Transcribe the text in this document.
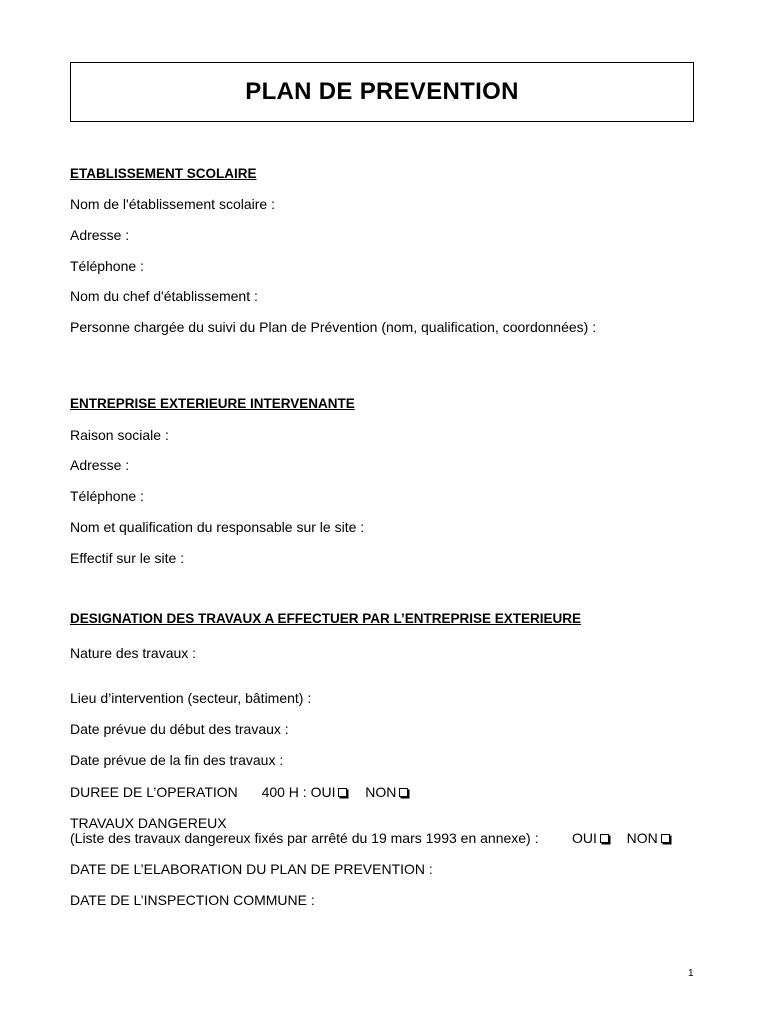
PLAN DE PREVENTION
ETABLISSEMENT SCOLAIRE
Nom de l'établissement scolaire :
Adresse :
Téléphone :
Nom du chef d'établissement :
Personne chargée du suivi du Plan de Prévention (nom, qualification, coordonnées) :
ENTREPRISE EXTERIEURE INTERVENANTE
Raison sociale :
Adresse :
Téléphone :
Nom et qualification du responsable sur le site :
Effectif sur le site :
DESIGNATION DES TRAVAUX A EFFECTUER PAR L’ENTREPRISE EXTERIEURE
Nature des travaux :
Lieu d’intervention (secteur, bâtiment) :
Date prévue du début des travaux :
Date prévue de la fin des travaux :
DUREE DE L’OPERATION 400 H : OUI NON
TRAVAUX DANGEREUX
(Liste des travaux dangereux fixés par arrêté du 19 mars 1993 en annexe) : OUI NON
DATE DE L’ELABORATION DU PLAN DE PREVENTION :
DATE DE L’INSPECTION COMMUNE :
1
